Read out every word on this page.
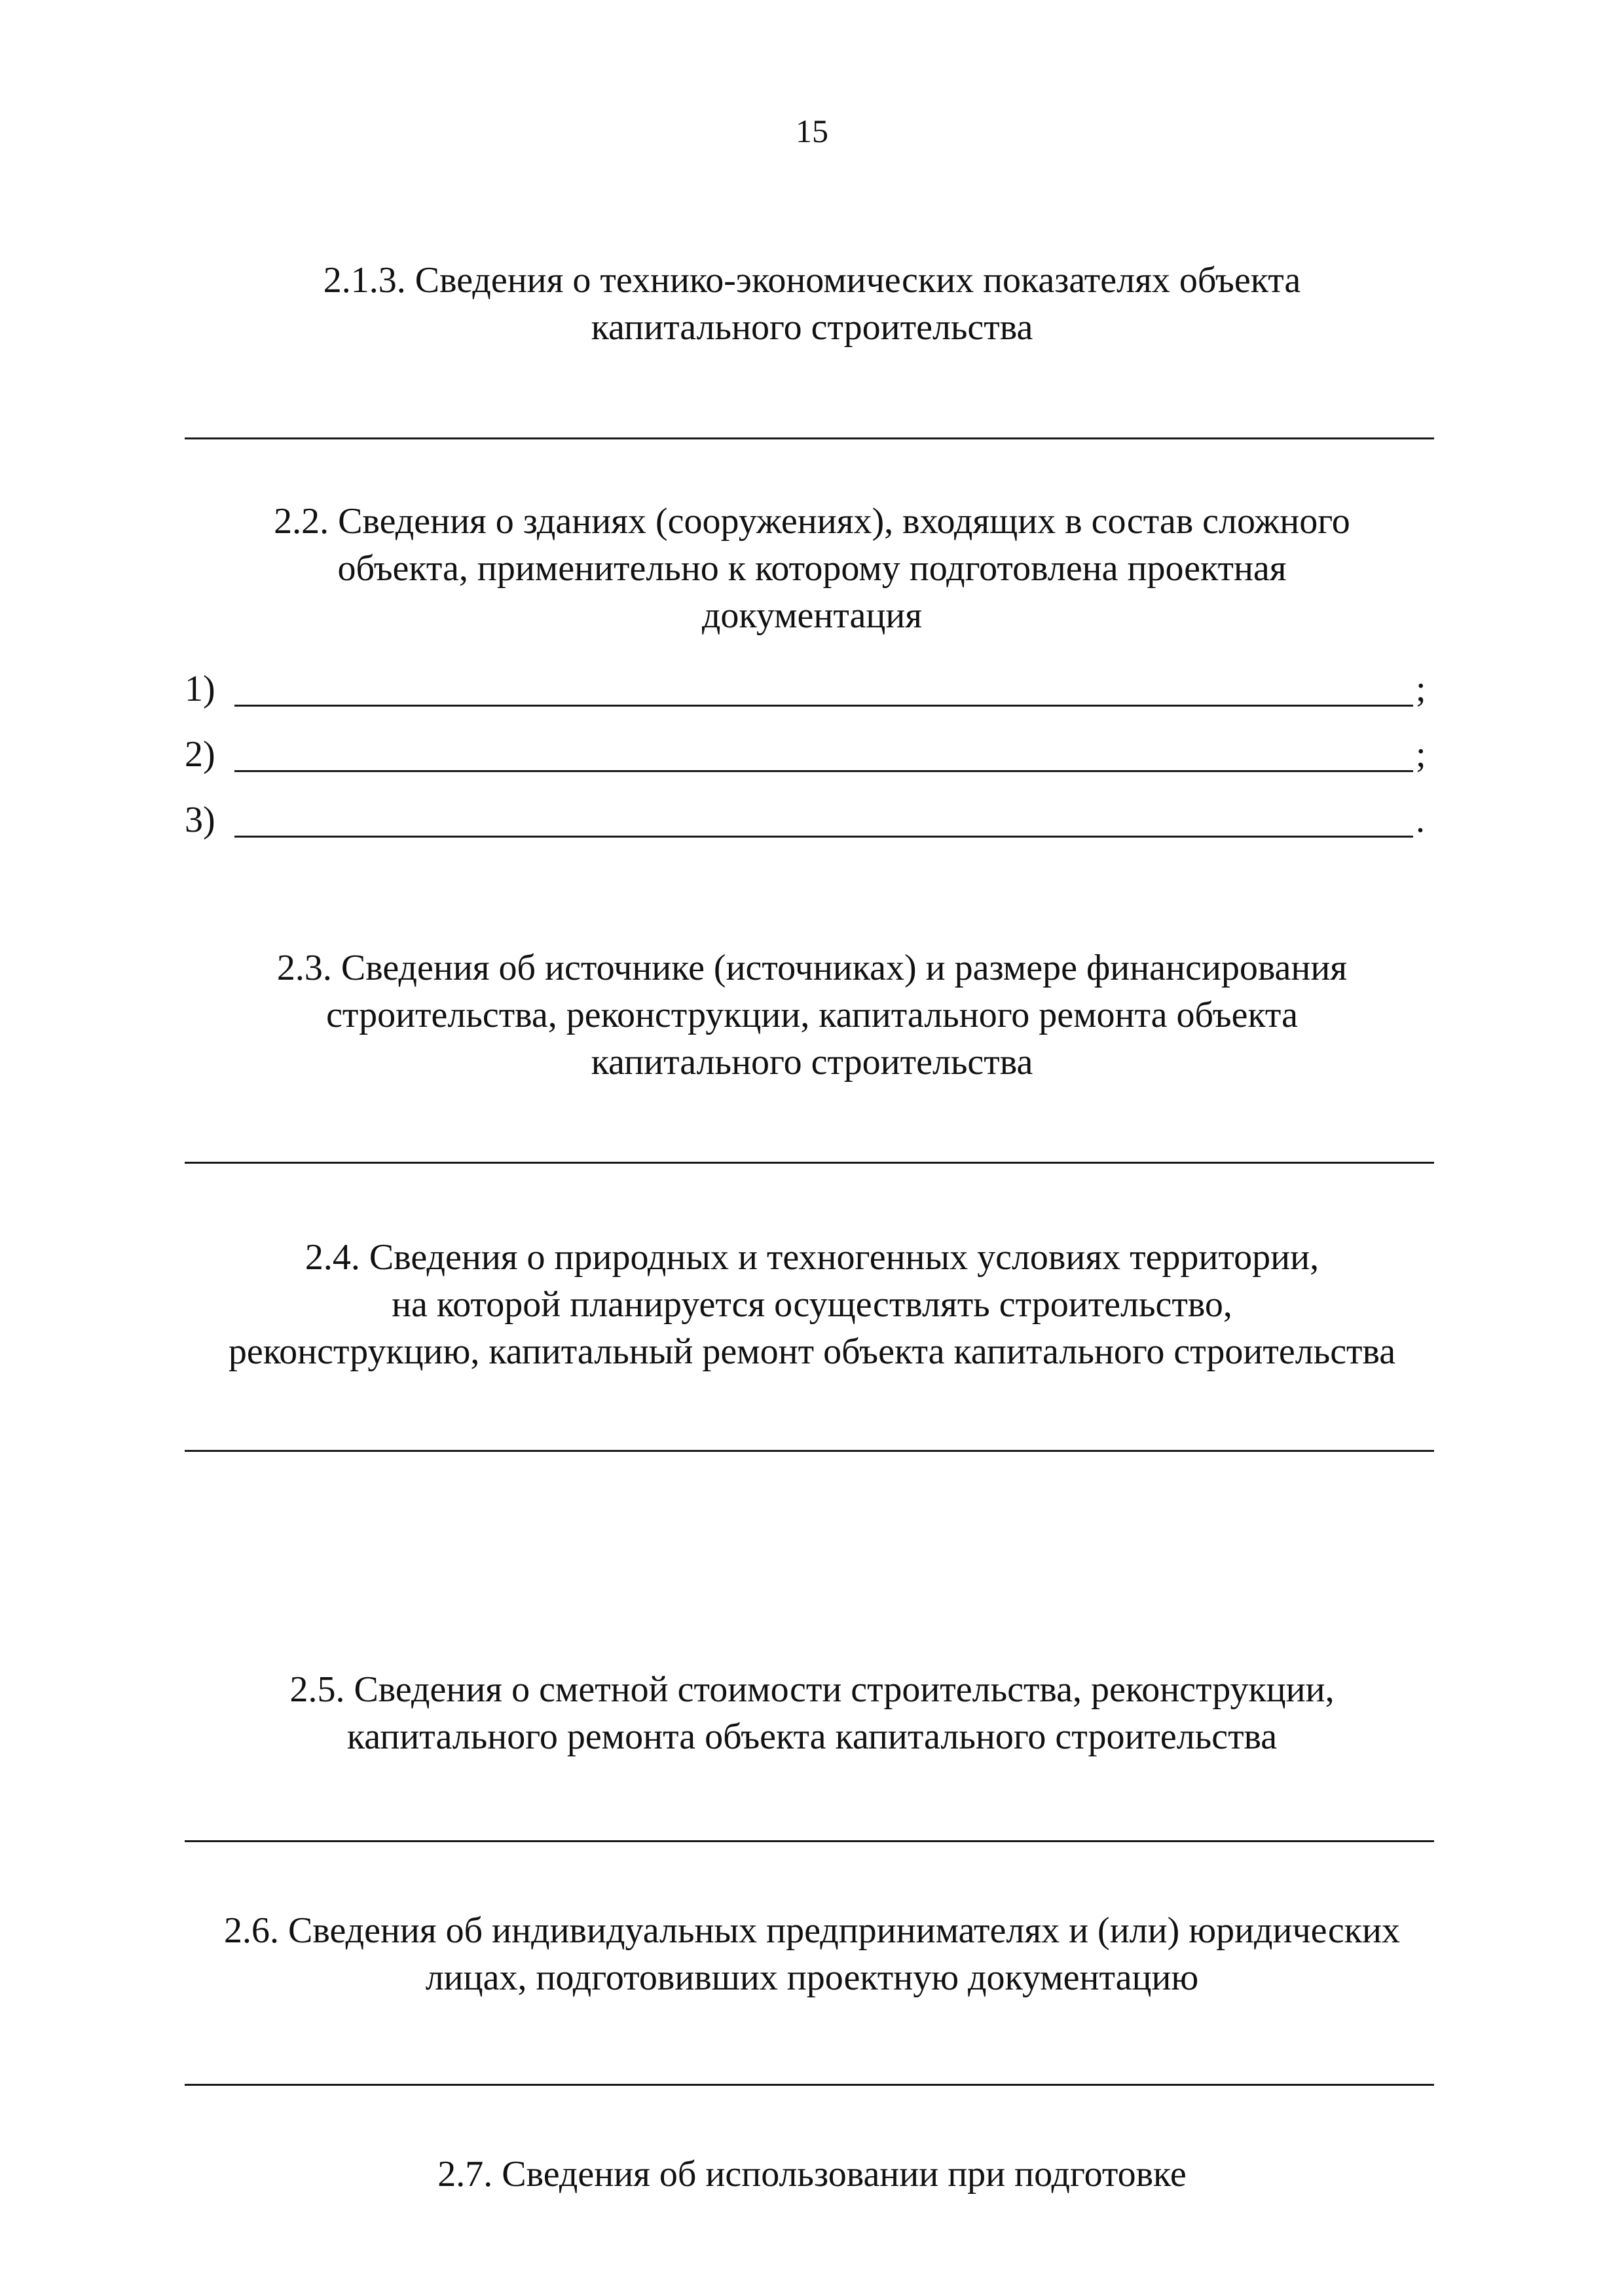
15
2.1.3. Сведения о технико-экономических показателях объекта
капитального строительства
2.2. Сведения о зданиях (сооружениях), входящих в состав сложного
объекта, применительно к которому подготовлена проектная
документация
1)	;
2)	;
3)	.
2.3. Сведения об источнике (источниках) и размере финансирования
строительства, реконструкции, капитального ремонта объекта
капитального строительства
2.4. Сведения о природных и техногенных условиях территории,
на которой планируется осуществлять строительство,
реконструкцию, капитальный ремонт объекта капитального строительства
2.5. Сведения о сметной стоимости строительства, реконструкции,
капитального ремонта объекта капитального строительства
2.6. Сведения об индивидуальных предпринимателях и (или) юридических
лицах, подготовивших проектную документацию
2.7. Сведения об использовании при подготовке
